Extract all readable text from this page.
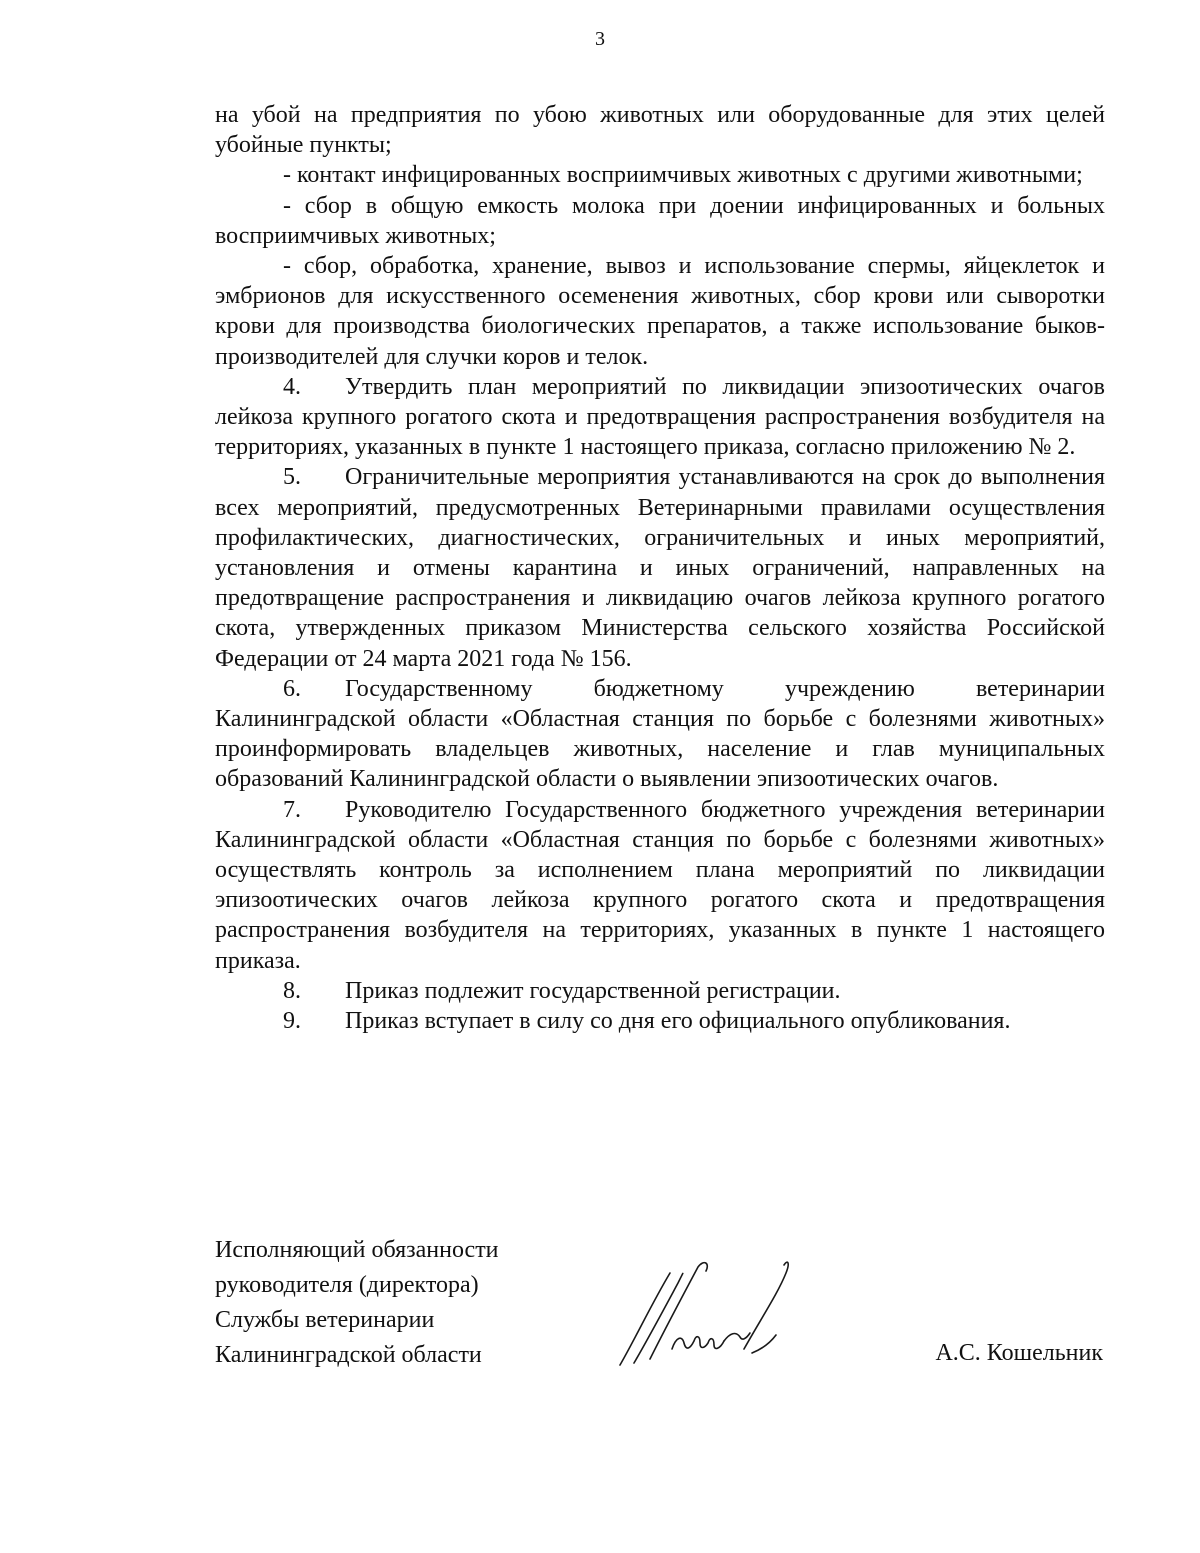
3

на убой на предприятия по убою животных или оборудованные для этих целей убойные пункты;

- контакт инфицированных восприимчивых животных с другими животными;

- сбор в общую емкость молока при доении инфицированных и больных восприимчивых животных;

- сбор, обработка, хранение, вывоз и использование спермы, яйцеклеток и эмбрионов для искусственного осеменения животных, сбор крови или сыворотки крови для производства биологических препаратов, а также использование быков-производителей для случки коров и телок.

4. Утвердить план мероприятий по ликвидации эпизоотических очагов лейкоза крупного рогатого скота и предотвращения распространения возбудителя на территориях, указанных в пункте 1 настоящего приказа, согласно приложению № 2.

5. Ограничительные мероприятия устанавливаются на срок до выполнения всех мероприятий, предусмотренных Ветеринарными правилами осуществления профилактических, диагностических, ограничительных и иных мероприятий, установления и отмены карантина и иных ограничений, направленных на предотвращение распространения и ликвидацию очагов лейкоза крупного рогатого скота, утвержденных приказом Министерства сельского хозяйства Российской Федерации от 24 марта 2021 года № 156.

6. Государственному бюджетному учреждению ветеринарии Калининградской области «Областная станция по борьбе с болезнями животных» проинформировать владельцев животных, население и глав муниципальных образований Калининградской области о выявлении эпизоотических очагов.

7. Руководителю Государственного бюджетного учреждения ветеринарии Калининградской области «Областная станция по борьбе с болезнями животных» осуществлять контроль за исполнением плана мероприятий по ликвидации эпизоотических очагов лейкоза крупного рогатого скота и предотвращения распространения возбудителя на территориях, указанных в пункте 1 настоящего приказа.

8. Приказ подлежит государственной регистрации.

9. Приказ вступает в силу со дня его официального опубликования.

Исполняющий обязанности
руководителя (директора)
Службы ветеринарии
Калининградской области	А.С. Кошельник
